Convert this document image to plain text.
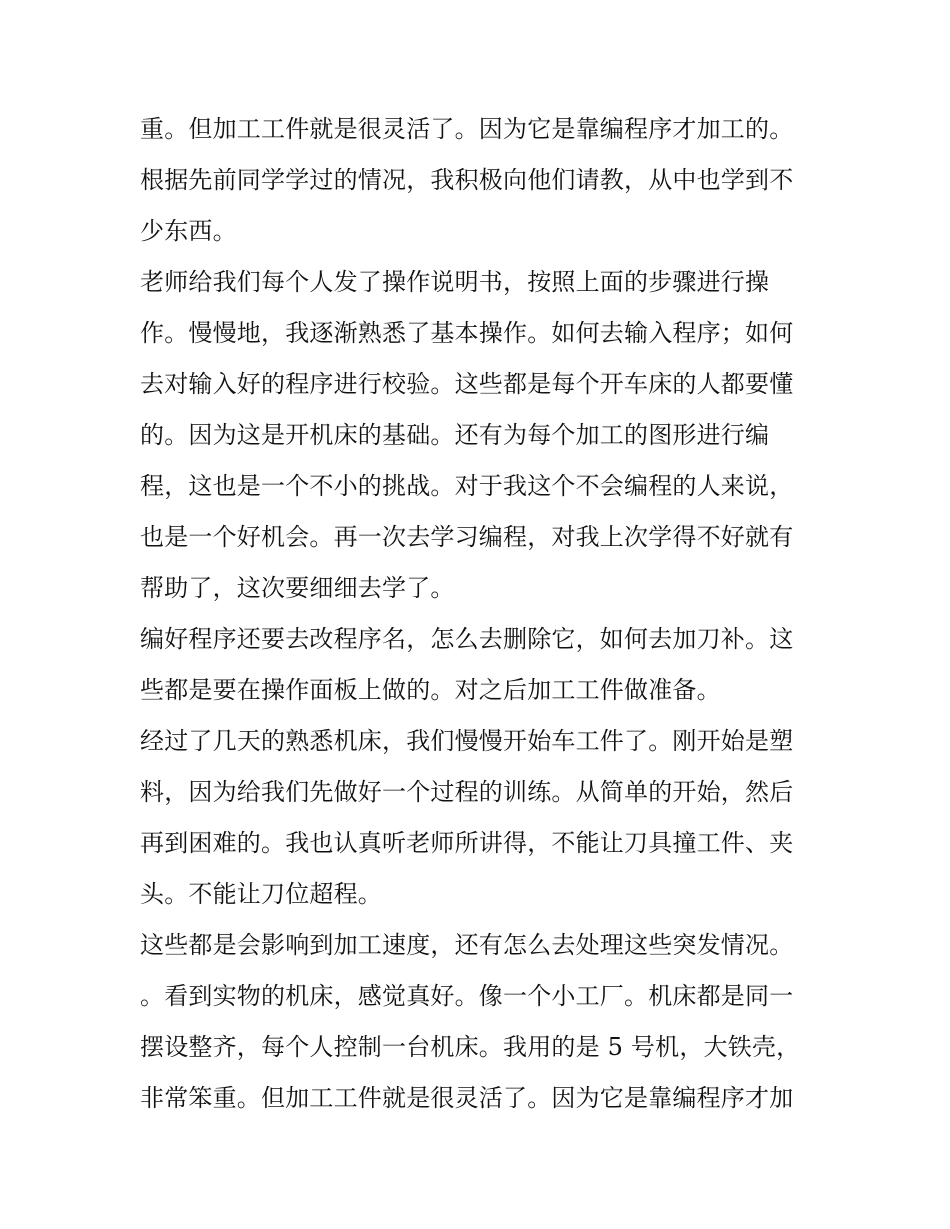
重。但加工工件就是很灵活了。因为它是靠编程序才加工的。
根据先前同学学过的情况，我积极向他们请教，从中也学到不
少东西。
老师给我们每个人发了操作说明书，按照上面的步骤进行操
作。慢慢地，我逐渐熟悉了基本操作。如何去输入程序；如何
去对输入好的程序进行校验。这些都是每个开车床的人都要懂
的。因为这是开机床的基础。还有为每个加工的图形进行编
程，这也是一个不小的挑战。对于我这个不会编程的人来说，
也是一个好机会。再一次去学习编程，对我上次学得不好就有
帮助了，这次要细细去学了。
编好程序还要去改程序名，怎么去删除它，如何去加刀补。这
些都是要在操作面板上做的。对之后加工工件做准备。
经过了几天的熟悉机床，我们慢慢开始车工件了。刚开始是塑
料，因为给我们先做好一个过程的训练。从简单的开始，然后
再到困难的。我也认真听老师所讲得，不能让刀具撞工件、夹
头。不能让刀位超程。
这些都是会影响到加工速度，还有怎么去处理这些突发情况。
。看到实物的机床，感觉真好。像一个小工厂。机床都是同一
摆设整齐，每个人控制一台机床。我用的是 5 号机，大铁壳，
非常笨重。但加工工件就是很灵活了。因为它是靠编程序才加
